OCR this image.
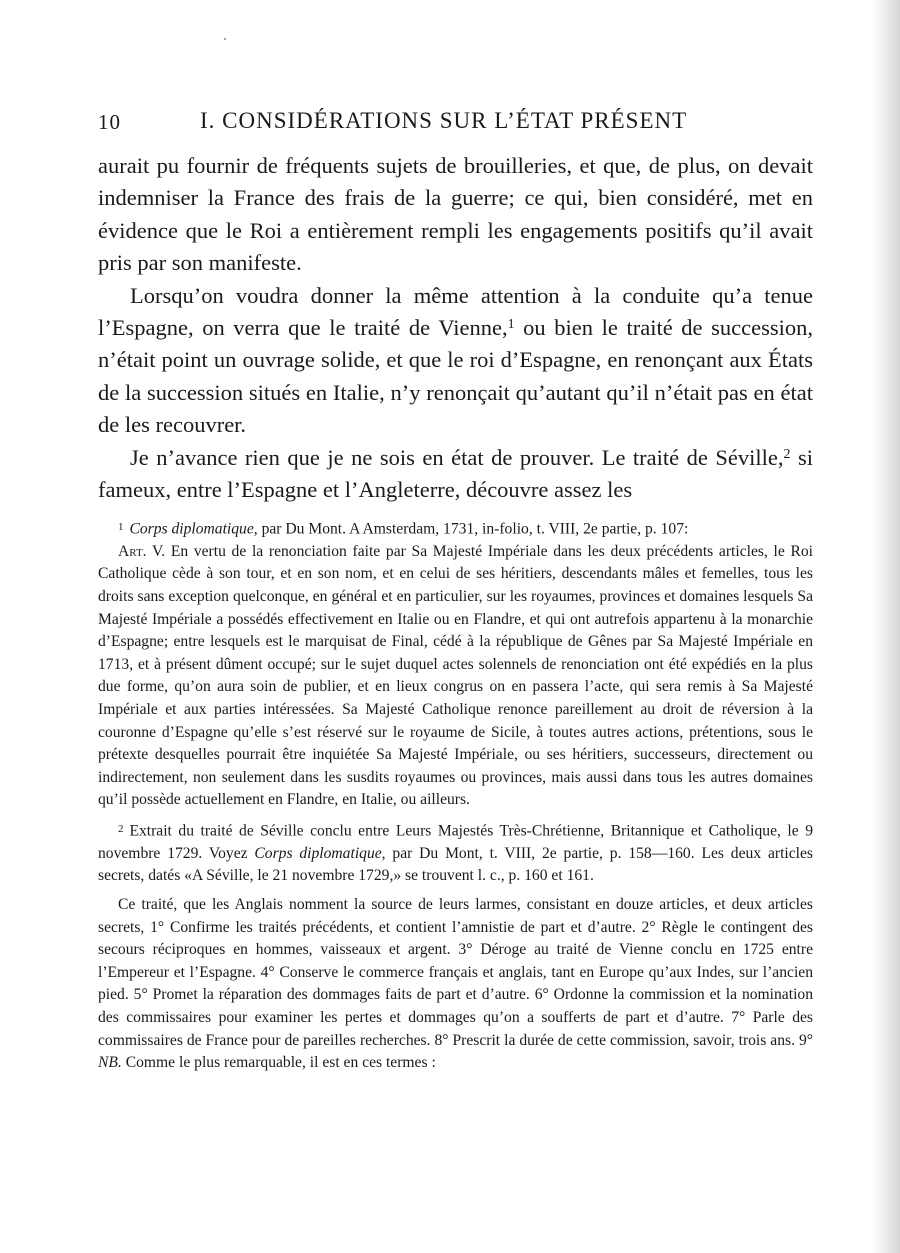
10	I. CONSIDÉRATIONS SUR L’ÉTAT PRÉSENT

aurait pu fournir de fréquents sujets de brouilleries, et que, de plus, on devait indemniser la France des frais de la guerre; ce qui, bien considéré, met en évidence que le Roi a entièrement rempli les engagements positifs qu’il avait pris par son manifeste.

Lorsqu’on voudra donner la même attention à la conduite qu’a tenue l’Espagne, on verra que le traité de Vienne,$^1$ ou bien le traité de succession, n’était point un ouvrage solide, et que le roi d’Espagne, en renonçant aux États de la succession situés en Italie, n’y renonçait qu’autant qu’il n’était pas en état de les recouvrer.

Je n’avance rien que je ne sois en état de prouver. Le traité de Séville,$^2$ si fameux, entre l’Espagne et l’Angleterre, découvre assez les

$^1$ Corps diplomatique, par Du Mont. A Amsterdam, 1731, in-folio, t. VIII, 2e partie, p. 107:

Art. V. En vertu de la renonciation faite par Sa Majesté Impériale dans les deux précédents articles, le Roi Catholique cède à son tour, et en son nom, et en celui de ses héritiers, descendants mâles et femelles, tous les droits sans exception quelconque, en général et en particulier, sur les royaumes, provinces et domaines lesquels Sa Majesté Impériale a possédés effectivement en Italie ou en Flandre, et qui ont autrefois appartenu à la monarchie d’Espagne; entre lesquels est le marquisat de Final, cédé à la république de Gênes par Sa Majesté Impériale en 1713, et à présent dûment occupé; sur le sujet duquel actes solennels de renonciation ont été expédiés en la plus due forme, qu’on aura soin de publier, et en lieux congrus on en passera l’acte, qui sera remis à Sa Majesté Impériale et aux parties intéressées. Sa Majesté Catholique renonce pareillement au droit de réversion à la couronne d’Espagne qu’elle s’est réservé sur le royaume de Sicile, à toutes autres actions, prétentions, sous le prétexte desquelles pourrait être inquiétée Sa Majesté Impériale, ou ses héritiers, successeurs, directement ou indirectement, non seulement dans les susdits royaumes ou provinces, mais aussi dans tous les autres domaines qu’il possède actuellement en Flandre, en Italie, ou ailleurs.

$^2$ Extrait du traité de Séville conclu entre Leurs Majestés Très-Chrétienne, Britannique et Catholique, le 9 novembre 1729. Voyez Corps diplomatique, par Du Mont, t. VIII, 2e partie, p. 158—160. Les deux articles secrets, datés «A Séville, le 21 novembre 1729,» se trouvent l. c., p. 160 et 161.

Ce traité, que les Anglais nomment la source de leurs larmes, consistant en douze articles, et deux articles secrets, 1° Confirme les traités précédents, et contient l’amnistie de part et d’autre. 2° Règle le contingent des secours réciproques en hommes, vaisseaux et argent. 3° Déroge au traité de Vienne conclu en 1725 entre l’Empereur et l’Espagne. 4° Conserve le commerce français et anglais, tant en Europe qu’aux Indes, sur l’ancien pied. 5° Promet la réparation des dommages faits de part et d’autre. 6° Ordonne la commission et la nomination des commissaires pour examiner les pertes et dommages qu’on a soufferts de part et d’autre. 7° Parle des commissaires de France pour de pareilles recherches. 8° Prescrit la durée de cette commission, savoir, trois ans. 9° NB. Comme le plus remarquable, il est en ces termes :
